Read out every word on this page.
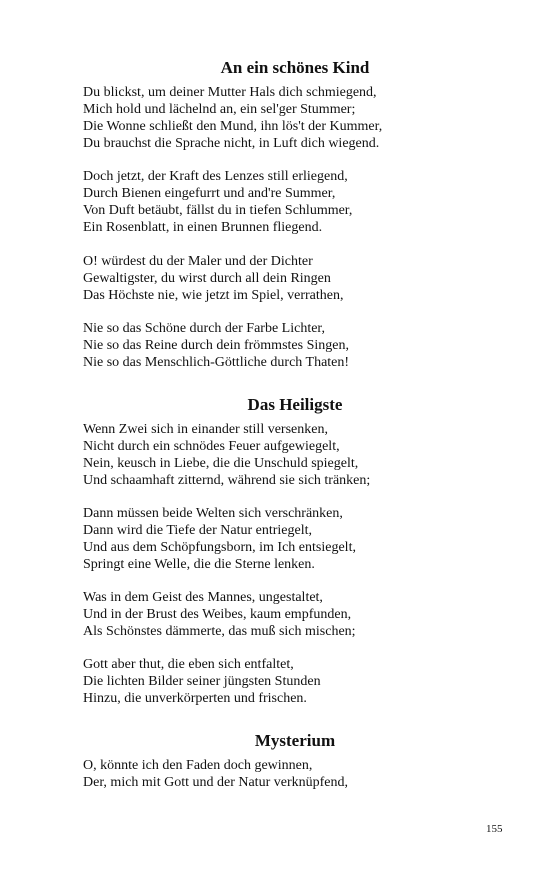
An ein schönes Kind
Du blickst, um deiner Mutter Hals dich schmiegend,
Mich hold und lächelnd an, ein sel'ger Stummer;
Die Wonne schließt den Mund, ihn lös't der Kummer,
Du brauchst die Sprache nicht, in Luft dich wiegend.
Doch jetzt, der Kraft des Lenzes still erliegend,
Durch Bienen eingefurrt und and're Summer,
Von Duft betäubt, fällst du in tiefen Schlummer,
Ein Rosenblatt, in einen Brunnen fliegend.
O! würdest du der Maler und der Dichter
Gewaltigster, du wirst durch all dein Ringen
Das Höchste nie, wie jetzt im Spiel, verrathen,
Nie so das Schöne durch der Farbe Lichter,
Nie so das Reine durch dein frömmstes Singen,
Nie so das Menschlich-Göttliche durch Thaten!
Das Heiligste
Wenn Zwei sich in einander still versenken,
Nicht durch ein schnödes Feuer aufgewiegelt,
Nein, keusch in Liebe, die die Unschuld spiegelt,
Und schaamhaft zitternd, während sie sich tränken;
Dann müssen beide Welten sich verschränken,
Dann wird die Tiefe der Natur entriegelt,
Und aus dem Schöpfungsborn, im Ich entsiegelt,
Springt eine Welle, die die Sterne lenken.
Was in dem Geist des Mannes, ungestaltet,
Und in der Brust des Weibes, kaum empfunden,
Als Schönstes dämmerte, das muß sich mischen;
Gott aber thut, die eben sich entfaltet,
Die lichten Bilder seiner jüngsten Stunden
Hinzu, die unverkörperten und frischen.
Mysterium
O, könnte ich den Faden doch gewinnen,
Der, mich mit Gott und der Natur verknüpfend,
155
